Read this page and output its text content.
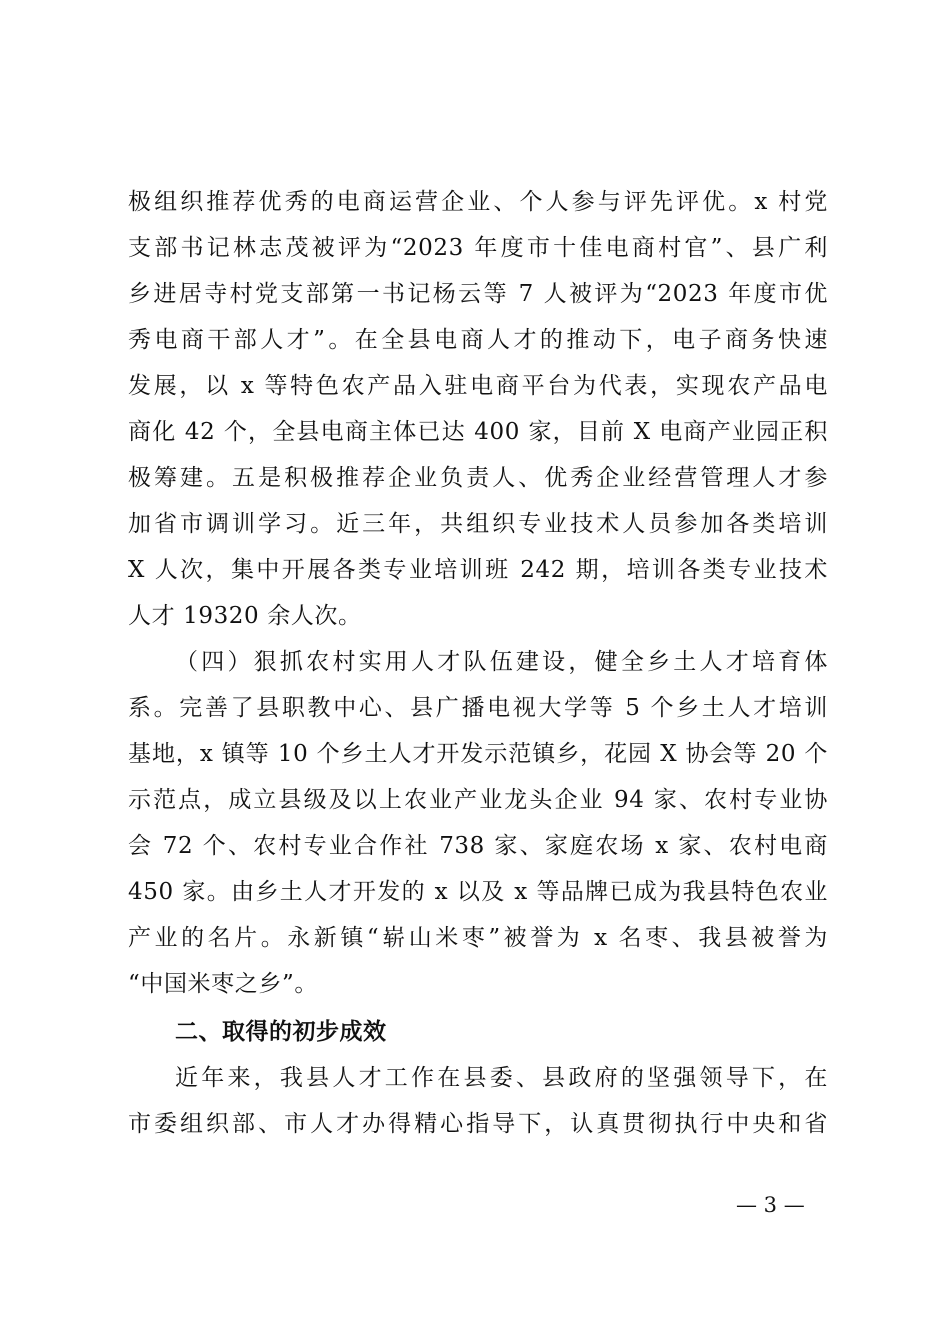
极组织推荐优秀的电商运营企业、个人参与评先评优。x 村党
支部书记林志茂被评为“2023 年度市十佳电商村官”、县广利
乡进居寺村党支部第一书记杨云等 7 人被评为“2023 年度市优
秀电商干部人才”。在全县电商人才的推动下，电子商务快速
发展，以 x 等特色农产品入驻电商平台为代表，实现农产品电
商化 42 个，全县电商主体已达 400 家，目前 X 电商产业园正积
极筹建。五是积极推荐企业负责人、优秀企业经营管理人才参
加省市调训学习。近三年，共组织专业技术人员参加各类培训
X 人次，集中开展各类专业培训班 242 期，培训各类专业技术
人才 19320 余人次。
（四）狠抓农村实用人才队伍建设，健全乡土人才培育体
系。完善了县职教中心、县广播电视大学等 5 个乡土人才培训
基地，x 镇等 10 个乡土人才开发示范镇乡，花园 X 协会等 20 个
示范点，成立县级及以上农业产业龙头企业 94 家、农村专业协
会 72 个、农村专业合作社 738 家、家庭农场 x 家、农村电商
450 家。由乡土人才开发的 x 以及 x 等品牌已成为我县特色农业
产业的名片。永新镇“崭山米枣”被誉为 x 名枣、我县被誉为
“中国米枣之乡”。
二、取得的初步成效
近年来，我县人才工作在县委、县政府的坚强领导下，在
市委组织部、市人才办得精心指导下，认真贯彻执行中央和省
— 3 —
